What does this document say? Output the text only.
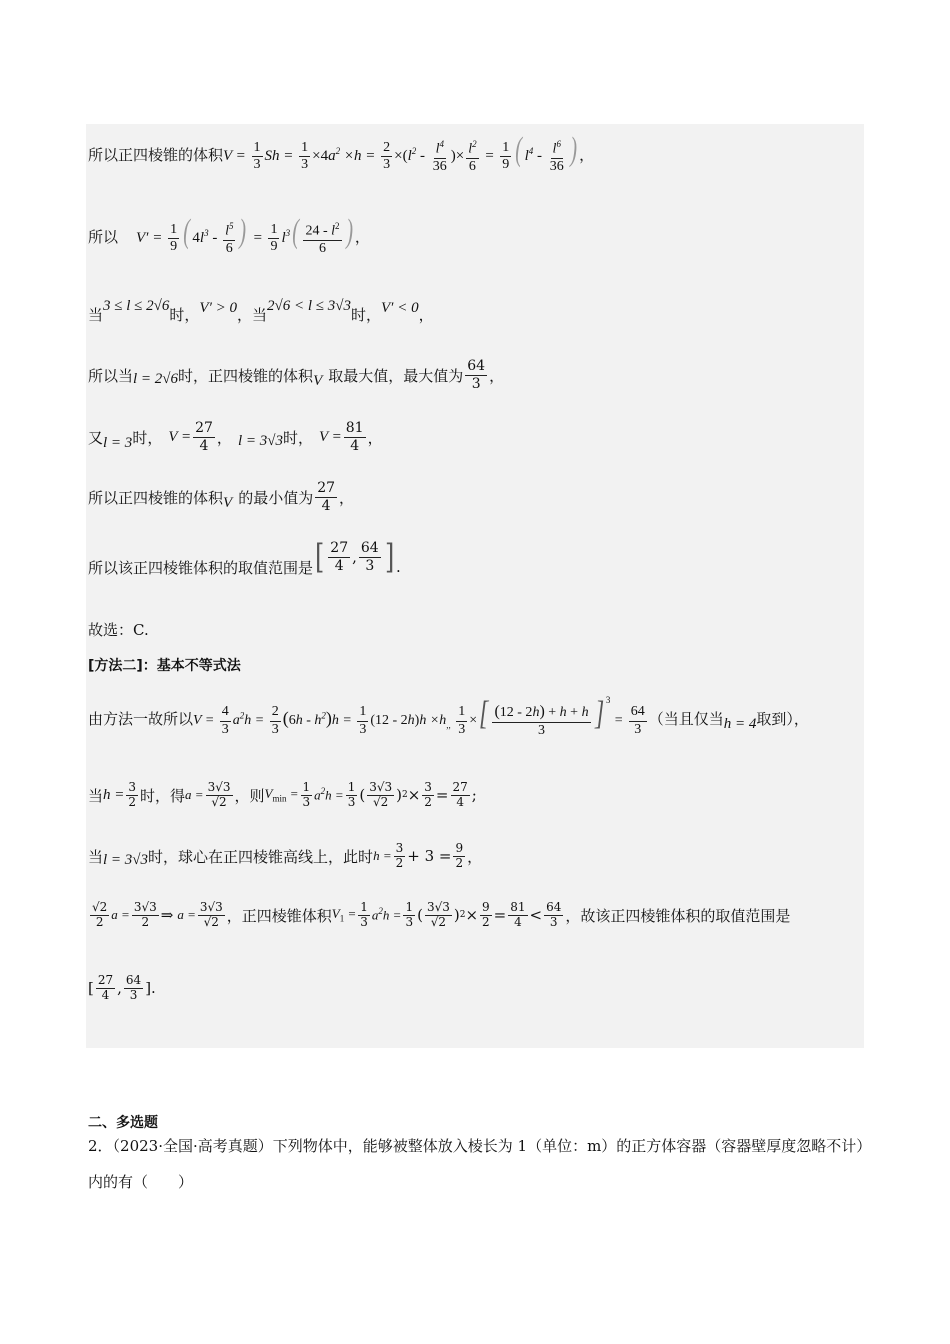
所以正四棱锥的体积 $V = \frac{1}{3}$ $Sh = \frac{1}{3} \times 4a^2 \times h = \frac{2}{3} \times(l^2 - \frac{l^4}{36}$ )× $\frac{l^2}{6} = \frac{1}{9}$ ( $l^4 - \frac{l^6}{36}$ ) ，
所以 $V' = \frac{1}{9}$ ( $4l^3 - \frac{l^5}{6}$ ) = $\frac{1}{9} l^3( \frac{24 - l^2}{6}$ ) ，
当 3 ≤ l ≤ 2√6 时， V′ > 0 ，当 2√6 < l ≤ 3√3 时， V′ < 0 ，
所以当 l = 2√6 时，正四棱锥的体积 V 取最大值，最大值为 $\frac{64}{3}$ ，
又 l = 3 时， $V = \frac{27}{4}$ ， l = 3√3 时， $V = \frac{81}{4}$ ，
所以正四棱锥的体积 V 的最小值为 $\frac{27}{4}$ ，
所以该正四棱锥体积的取值范围是 [ $\frac{27}{4}$ , $\frac{64}{3}$ ] .
故选：C.
[方法二]：基本不等式法
由方法一故所以 $V = \frac{4}{3} a^2h = \frac{2}{3} (6h - h^2)h = \frac{1}{3} (12 - 2h)h \times h_{,,} \frac{1}{3}$ ×[ $\frac{(12 - 2h) + h + h}{3}$ ] $^3 = \frac{64}{3}$ （当且仅当 h = 4 取到），
当 $h = \frac{3}{2}$ 时，得 $a = \frac{3√3}{√2}$ ，则 $V_{min} = \frac{1}{3} a^2h = \frac{1}{3}$ ( $\frac{3√3}{√2}$ ) $2 \times \frac{3}{2} = \frac{27}{4}$ ;
当 l = 3√3 时，球心在正四棱锥高线上，此时 $h = \frac{3}{2} + 3 = \frac{9}{2}$ ，
$\frac{√2}{2}$ $a = \frac{3√3}{2}$ ⇒ $a = \frac{3√3}{√2}$ ，正四棱锥体积 $V_1 = \frac{1}{3} a^2h = \frac{1}{3}$ ( $\frac{3√3}{√2}$ ) $2 \times \frac{9}{2} = \frac{81}{4} < \frac{64}{3}$ ，故该正四棱锥体积的取值范围是
[ $\frac{27}{4}$ , $\frac{64}{3}$ ].
二、多选题
2．（2023·全国·高考真题）下列物体中，能够被整体放入棱长为 1（单位：m）的正方体容器（容器壁厚度忽略不计）内的有（　　）
